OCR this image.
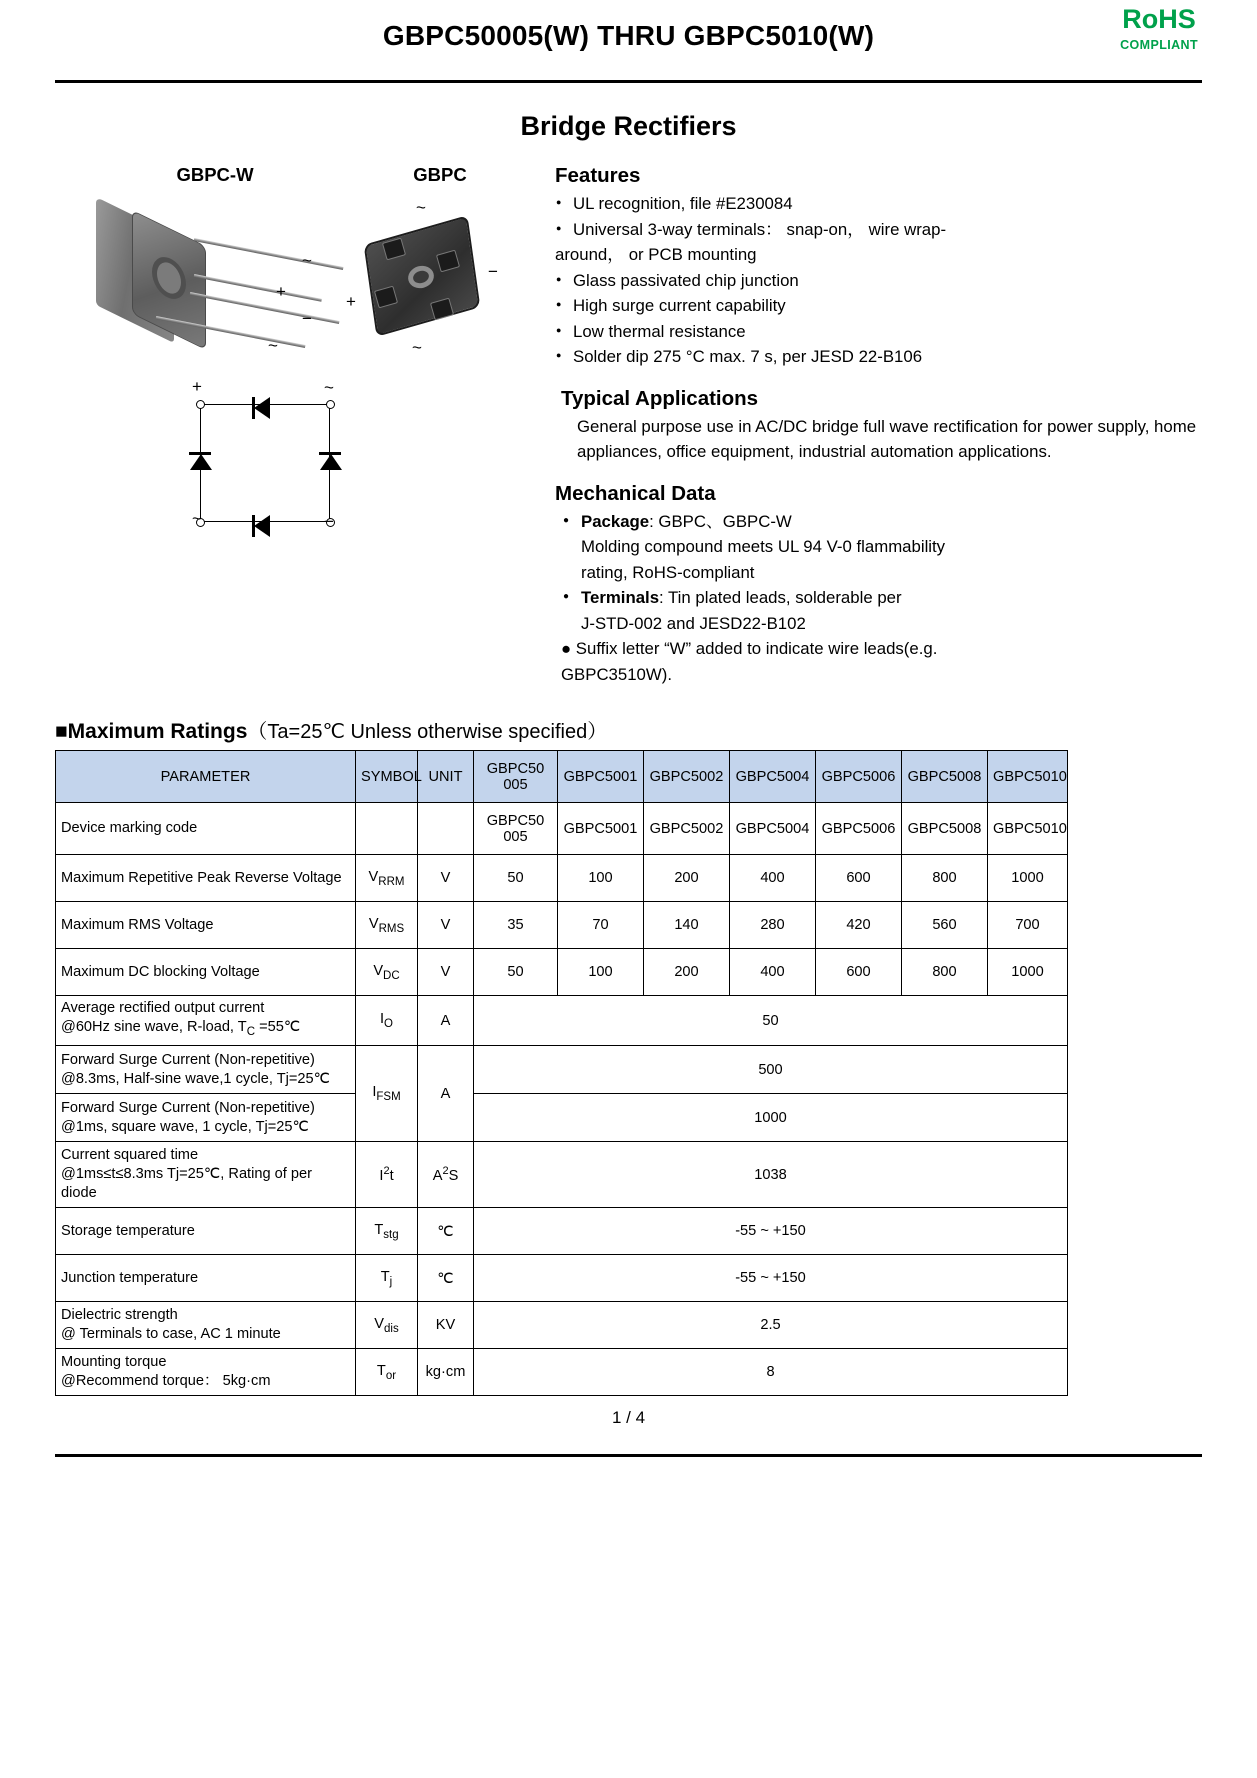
GBPC50005(W) THRU GBPC5010(W)
RoHS
COMPLIANT
Bridge Rectifiers
GBPC-W
~
+
−
~
GBPC
~
−
+
~
+	~
~	−
Features
● UL recognition, file #E230084
● Universal 3-way terminals： snap-on， wire wrap-
around， or PCB mounting
● Glass passivated chip junction
● High surge current capability
● Low thermal resistance
● Solder dip 275 °C max. 7 s, per JESD 22-B106
Typical Applications
General purpose use in AC/DC bridge full wave rectification for power supply, home appliances, office equipment, industrial automation applications.
Mechanical Data
● Package: GBPC、GBPC-W
Molding compound meets UL 94 V-0 flammability
rating, RoHS-compliant
● Terminals: Tin plated leads, solderable per
J-STD-002 and JESD22-B102
● Suffix letter “W” added to indicate wire leads(e.g.
GBPC3510W).
■Maximum Ratings（Ta=25℃ Unless otherwise specified）
PARAMETER	SYMBOL	UNIT	GBPC50
005	GBPC5001	GBPC5002	GBPC5004	GBPC5006	GBPC5008	GBPC5010
Device marking code			GBPC50
005	GBPC5001	GBPC5002	GBPC5004	GBPC5006	GBPC5008	GBPC5010
Maximum Repetitive Peak Reverse Voltage	$V_{RRM}$	V	50	100	200	400	600	800	1000
Maximum RMS Voltage	$V_{RMS}$	V	35	70	140	280	420	560	700
Maximum DC blocking Voltage	$V_{DC}$	V	50	100	200	400	600	800	1000
Average rectified output current
@60Hz sine wave, R-load, $T_C$ =55℃	$I_O$	A	50						
Forward Surge Current (Non-repetitive)
@8.3ms, Half-sine wave,1 cycle, Tj=25℃	$I_{FSM}$	A	500						
Forward Surge Current (Non-repetitive)
@1ms, square wave, 1 cycle, Tj=25℃			1000						
Current squared time
@1ms≤t≤8.3ms Tj=25℃, Rating of per
diode	$I^2t$	$A^2S$	1038						
Storage temperature	$T_{stg}$	℃	-55 ~ +150						
Junction temperature	$T_j$	℃	-55 ~ +150						
Dielectric strength
@ Terminals to case, AC 1 minute	$V_{dis}$	KV	2.5						
Mounting torque
@Recommend torque： 5kg·cm	$T_{or}$	kg·cm	8						
1 / 4
